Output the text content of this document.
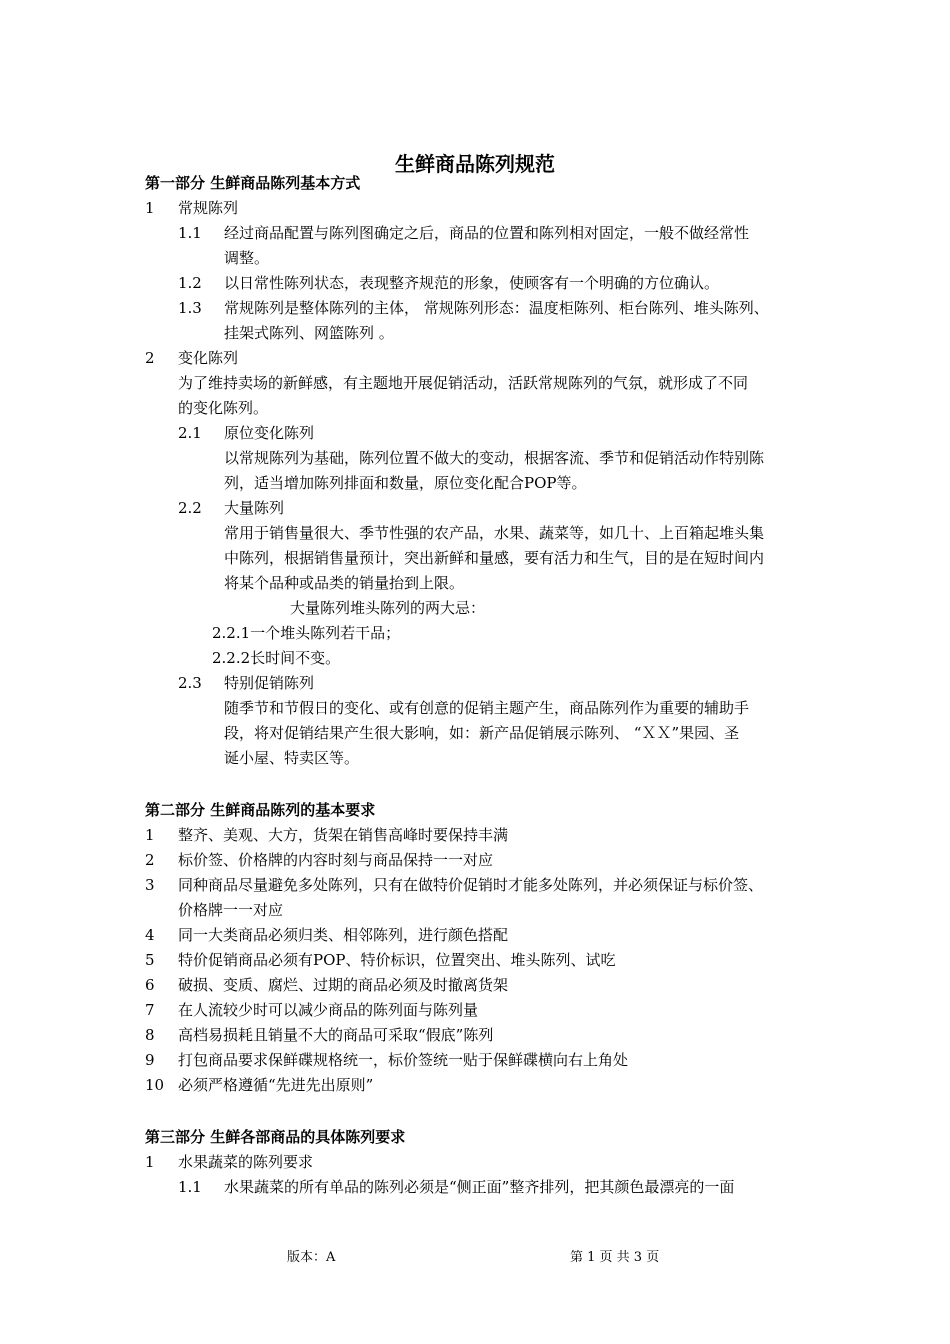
生鲜商品陈列规范
第一部分 生鲜商品陈列基本方式
1 常规陈列
1.1 经过商品配置与陈列图确定之后，商品的位置和陈列相对固定，一般不做经常性
调整。
1.2 以日常性陈列状态，表现整齐规范的形象，使顾客有一个明确的方位确认。
1.3 常规陈列是整体陈列的主体， 常规陈列形态：温度柜陈列、柜台陈列、堆头陈列、
挂架式陈列、网篮陈列 。
2 变化陈列
为了维持卖场的新鲜感，有主题地开展促销活动，活跃常规陈列的气氛，就形成了不同
的变化陈列。
2.1 原位变化陈列
以常规陈列为基础，陈列位置不做大的变动，根据客流、季节和促销活动作特别陈
列，适当增加陈列排面和数量，原位变化配合POP等。
2.2 大量陈列
常用于销售量很大、季节性强的农产品，水果、蔬菜等，如几十、上百箱起堆头集
中陈列，根据销售量预计，突出新鲜和量感，要有活力和生气，目的是在短时间内
将某个品种或品类的销量抬到上限。
大量陈列堆头陈列的两大忌：
2.2.1一个堆头陈列若干品；
2.2.2长时间不变。
2.3 特别促销陈列
随季节和节假日的变化、或有创意的促销主题产生，商品陈列作为重要的辅助手
段，将对促销结果产生很大影响，如：新产品促销展示陈列、 “ＸＸ”果园、圣
诞小屋、特卖区等。
第二部分 生鲜商品陈列的基本要求
1 整齐、美观、大方，货架在销售高峰时要保持丰满
2 标价签、价格牌的内容时刻与商品保持一一对应
3 同种商品尽量避免多处陈列，只有在做特价促销时才能多处陈列，并必须保证与标价签、
价格牌一一对应
4 同一大类商品必须归类、相邻陈列，进行颜色搭配
5 特价促销商品必须有POP、特价标识，位置突出、堆头陈列、试吃
6 破损、变质、腐烂、过期的商品必须及时撤离货架
7 在人流较少时可以减少商品的陈列面与陈列量
8 高档易损耗且销量不大的商品可采取“假底”陈列
9 打包商品要求保鲜碟规格统一，标价签统一贴于保鲜碟横向右上角处
10 必须严格遵循“先进先出原则”
第三部分 生鲜各部商品的具体陈列要求
1 水果蔬菜的陈列要求
1.1 水果蔬菜的所有单品的陈列必须是“侧正面”整齐排列，把其颜色最漂亮的一面
版本：A	第 1 页 共 3 页
